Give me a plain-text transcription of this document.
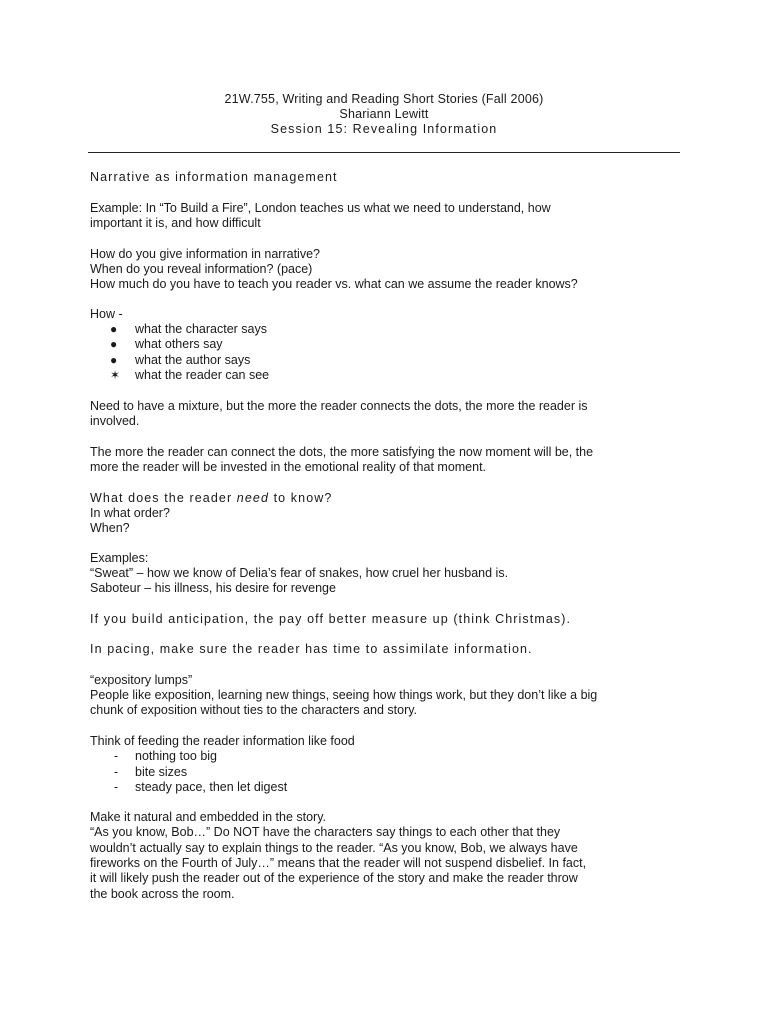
21W.755, Writing and Reading Short Stories (Fall 2006)
Shariann Lewitt
Session 15: Revealing Information
Narrative as information management
Example: In “To Build a Fire”, London teaches us what we need to understand, how
important it is, and how difficult
How do you give information in narrative?
When do you reveal information? (pace)
How much do you have to teach you reader vs. what can we assume the reader knows?
How -
● what the character says
● what others say
● what the author says
✶ what the reader can see
Need to have a mixture, but the more the reader connects the dots, the more the reader is
involved.
The more the reader can connect the dots, the more satisfying the now moment will be, the
more the reader will be invested in the emotional reality of that moment.
What does the reader need to know?
In what order?
When?
Examples:
“Sweat” – how we know of Delia’s fear of snakes, how cruel her husband is.
Saboteur – his illness, his desire for revenge
If you build anticipation, the pay off better measure up (think Christmas).
In pacing, make sure the reader has time to assimilate information.
“expository lumps”
People like exposition, learning new things, seeing how things work, but they don’t like a big
chunk of exposition without ties to the characters and story.
Think of feeding the reader information like food
- nothing too big
- bite sizes
- steady pace, then let digest
Make it natural and embedded in the story.
“As you know, Bob…” Do NOT have the characters say things to each other that they
wouldn’t actually say to explain things to the reader. “As you know, Bob, we always have
fireworks on the Fourth of July…” means that the reader will not suspend disbelief. In fact,
it will likely push the reader out of the experience of the story and make the reader throw
the book across the room.
